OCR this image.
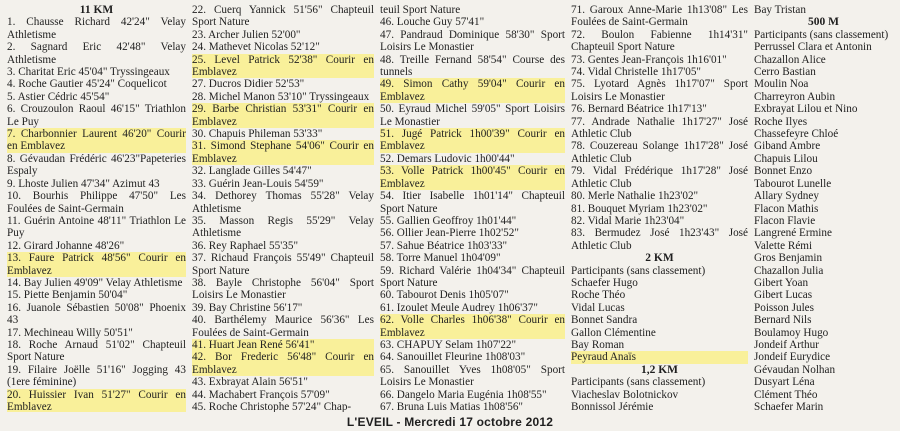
11 KM
1. Chausse Richard 42'24" Velay Athletisme
2. Sagnard Eric 42'48" Velay Athletisme
3. Charitat Eric 45'04" Tryssingeaux
4. Roche Gautier 45'24" Coquelicot
5. Astier Cédric 45'54"
6. Crouzoulon Raoul 46'15" Triathlon Le Puy
7. Charbonnier Laurent 46'20" Courir en Emblavez
8. Gévaudan Frédéric 46'23"Papeteries Espaly
9. Lhoste Julien 47'34" Azimut 43
10. Bourhis Philippe 47'50" Les Foulées de Saint-Germain
11. Guérin Antoine 48'11" Triathlon Le Puy
12. Girard Johanne 48'26"
13. Faure Patrick 48'56" Courir en Emblavez
14. Bay Julien 49'09" Velay Athletisme
15. Piette Benjamin 50'04"
16. Juanole Sébastien 50'08" Phoenix 43
17. Mechineau Willy 50'51"
18. Roche Arnaud 51'02" Chapteuil Sport Nature
19. Filaire Joëlle 51'16" Jogging 43 (1ere féminine)
20. Huissier Ivan 51'27" Courir en Emblavez
22. Cuerq Yannick 51'56" Chapteuil Sport Nature
23. Archer Julien 52'00"
24. Mathevet Nicolas 52'12"
25. Level Patrick 52'38" Courir en Emblavez
27. Ducros Didier 52'53"
28. Michel Manon 53'10" Tryssingeaux
29. Barbe Christian 53'31" Courir en Emblavez
30. Chapuis Phileman 53'33"
31. Simond Stephane 54'06" Courir en Emblavez
32. Langlade Gilles 54'47"
33. Guérin Jean-Louis 54'59"
34. Dethorey Thomas 55'28" Velay Athletisme
35. Masson Regis 55'29" Velay Athletisme
36. Rey Raphael 55'35"
37. Richaud François 55'49" Chapteuil Sport Nature
38. Bayle Christophe 56'04" Sport Loisirs Le Monastier
39. Bay Christine 56'17"
40. Barthélemy Maurice 56'36" Les Foulées de Saint-Germain
41. Huart Jean René 56'41"
42. Bor Frederic 56'48" Courir en Emblavez
43. Exbrayat Alain 56'51"
44. Machabert François 57'09"
45. Roche Christophe 57'24" Chap-
teuil Sport Nature
46. Louche Guy 57'41"
47. Pandraud Dominique 58'30" Sport Loisirs Le Monastier
48. Treille Fernand 58'54" Course des tunnels
49. Simon Cathy 59'04" Courir en Emblavez
50. Eyraud Michel 59'05" Sport Loisirs Le Monastier
51. Jugé Patrick 1h00'39" Courir en Emblavez
52. Demars Ludovic 1h00'44"
53. Volle Patrick 1h00'45" Courir en Emblavez
54. Itier Isabelle 1h01'14" Chapteuil Sport Nature
55. Gallien Geoffroy 1h01'44"
56. Ollier Jean-Pierre 1h02'52"
57. Sahue Béatrice 1h03'33"
58. Torre Manuel 1h04'09"
59. Richard Valérie 1h04'34" Chapteuil Sport Nature
60. Tabourot Denis 1h05'07"
61. Izoulet Meule Audrey 1h06'37"
62. Volle Charles 1h06'38" Courir en Emblavez
63. CHAPUY Selam 1h07'22"
64. Sanouillet Fleurine 1h08'03"
65. Sanouillet Yves 1h08'05" Sport Loisirs Le Monastier
66. Dangelo Maria Eugénia 1h08'55"
67. Bruna Luis Matias 1h08'56"
71. Garoux Anne-Marie 1h13'08" Les Foulées de Saint-Germain
72. Boulon Fabienne 1h14'31" Chapteuil Sport Nature
73. Gentes Jean-François 1h16'01"
74. Vidal Christelle 1h17'05"
75. Lyotard Agnès 1h17'07" Sport Loisirs Le Monastier
76. Bernard Béatrice 1h17'13"
77. Andrade Nathalie 1h17'27" José Athletic Club
78. Couzereau Solange 1h17'28" José Athletic Club
79. Vidal Frédérique 1h17'28" José Athletic Club
80. Merle Nathalie 1h23'02"
81. Bouquet Myriam 1h23'02"
82. Vidal Marie 1h23'04"
83. Bermudez José 1h23'43" José Athletic Club
2 KM
Participants (sans classement)
Schaefer Hugo
Roche Théo
Vidal Lucas
Bonnet Sandra
Gallon Clémentine
Bay Roman
Peyraud Anaïs
1,2 KM
Participants (sans classement)
Viacheslav Bolotnickov
Bonnissol Jérémie
Bay Tristan
500 M
Participants (sans classement)
Perrussel Clara et Antonin
Chazallon Alice
Cerro Bastian
Moulin Noa
Charreyron Aubin
Exbrayat Lilou et Nino
Roche Ilyes
Chassefeyre Chloé
Giband Ambre
Chapuis Lilou
Bonnet Enzo
Tabourot Lunelle
Allary Sydney
Flacon Mathis
Flacon Flavie
Langrené Ermine
Valette Rémi
Gros Benjamin
Chazallon Julia
Gibert Yoan
Gibert Lucas
Poisson Jules
Bernard Nils
Boulamoy Hugo
Jondeif Arthur
Jondeif Eurydice
Gévaudan Nolhan
Dusyart Léna
Clément Théo
Schaefer Marin
L'EVEIL - Mercredi 17 octobre 2012
